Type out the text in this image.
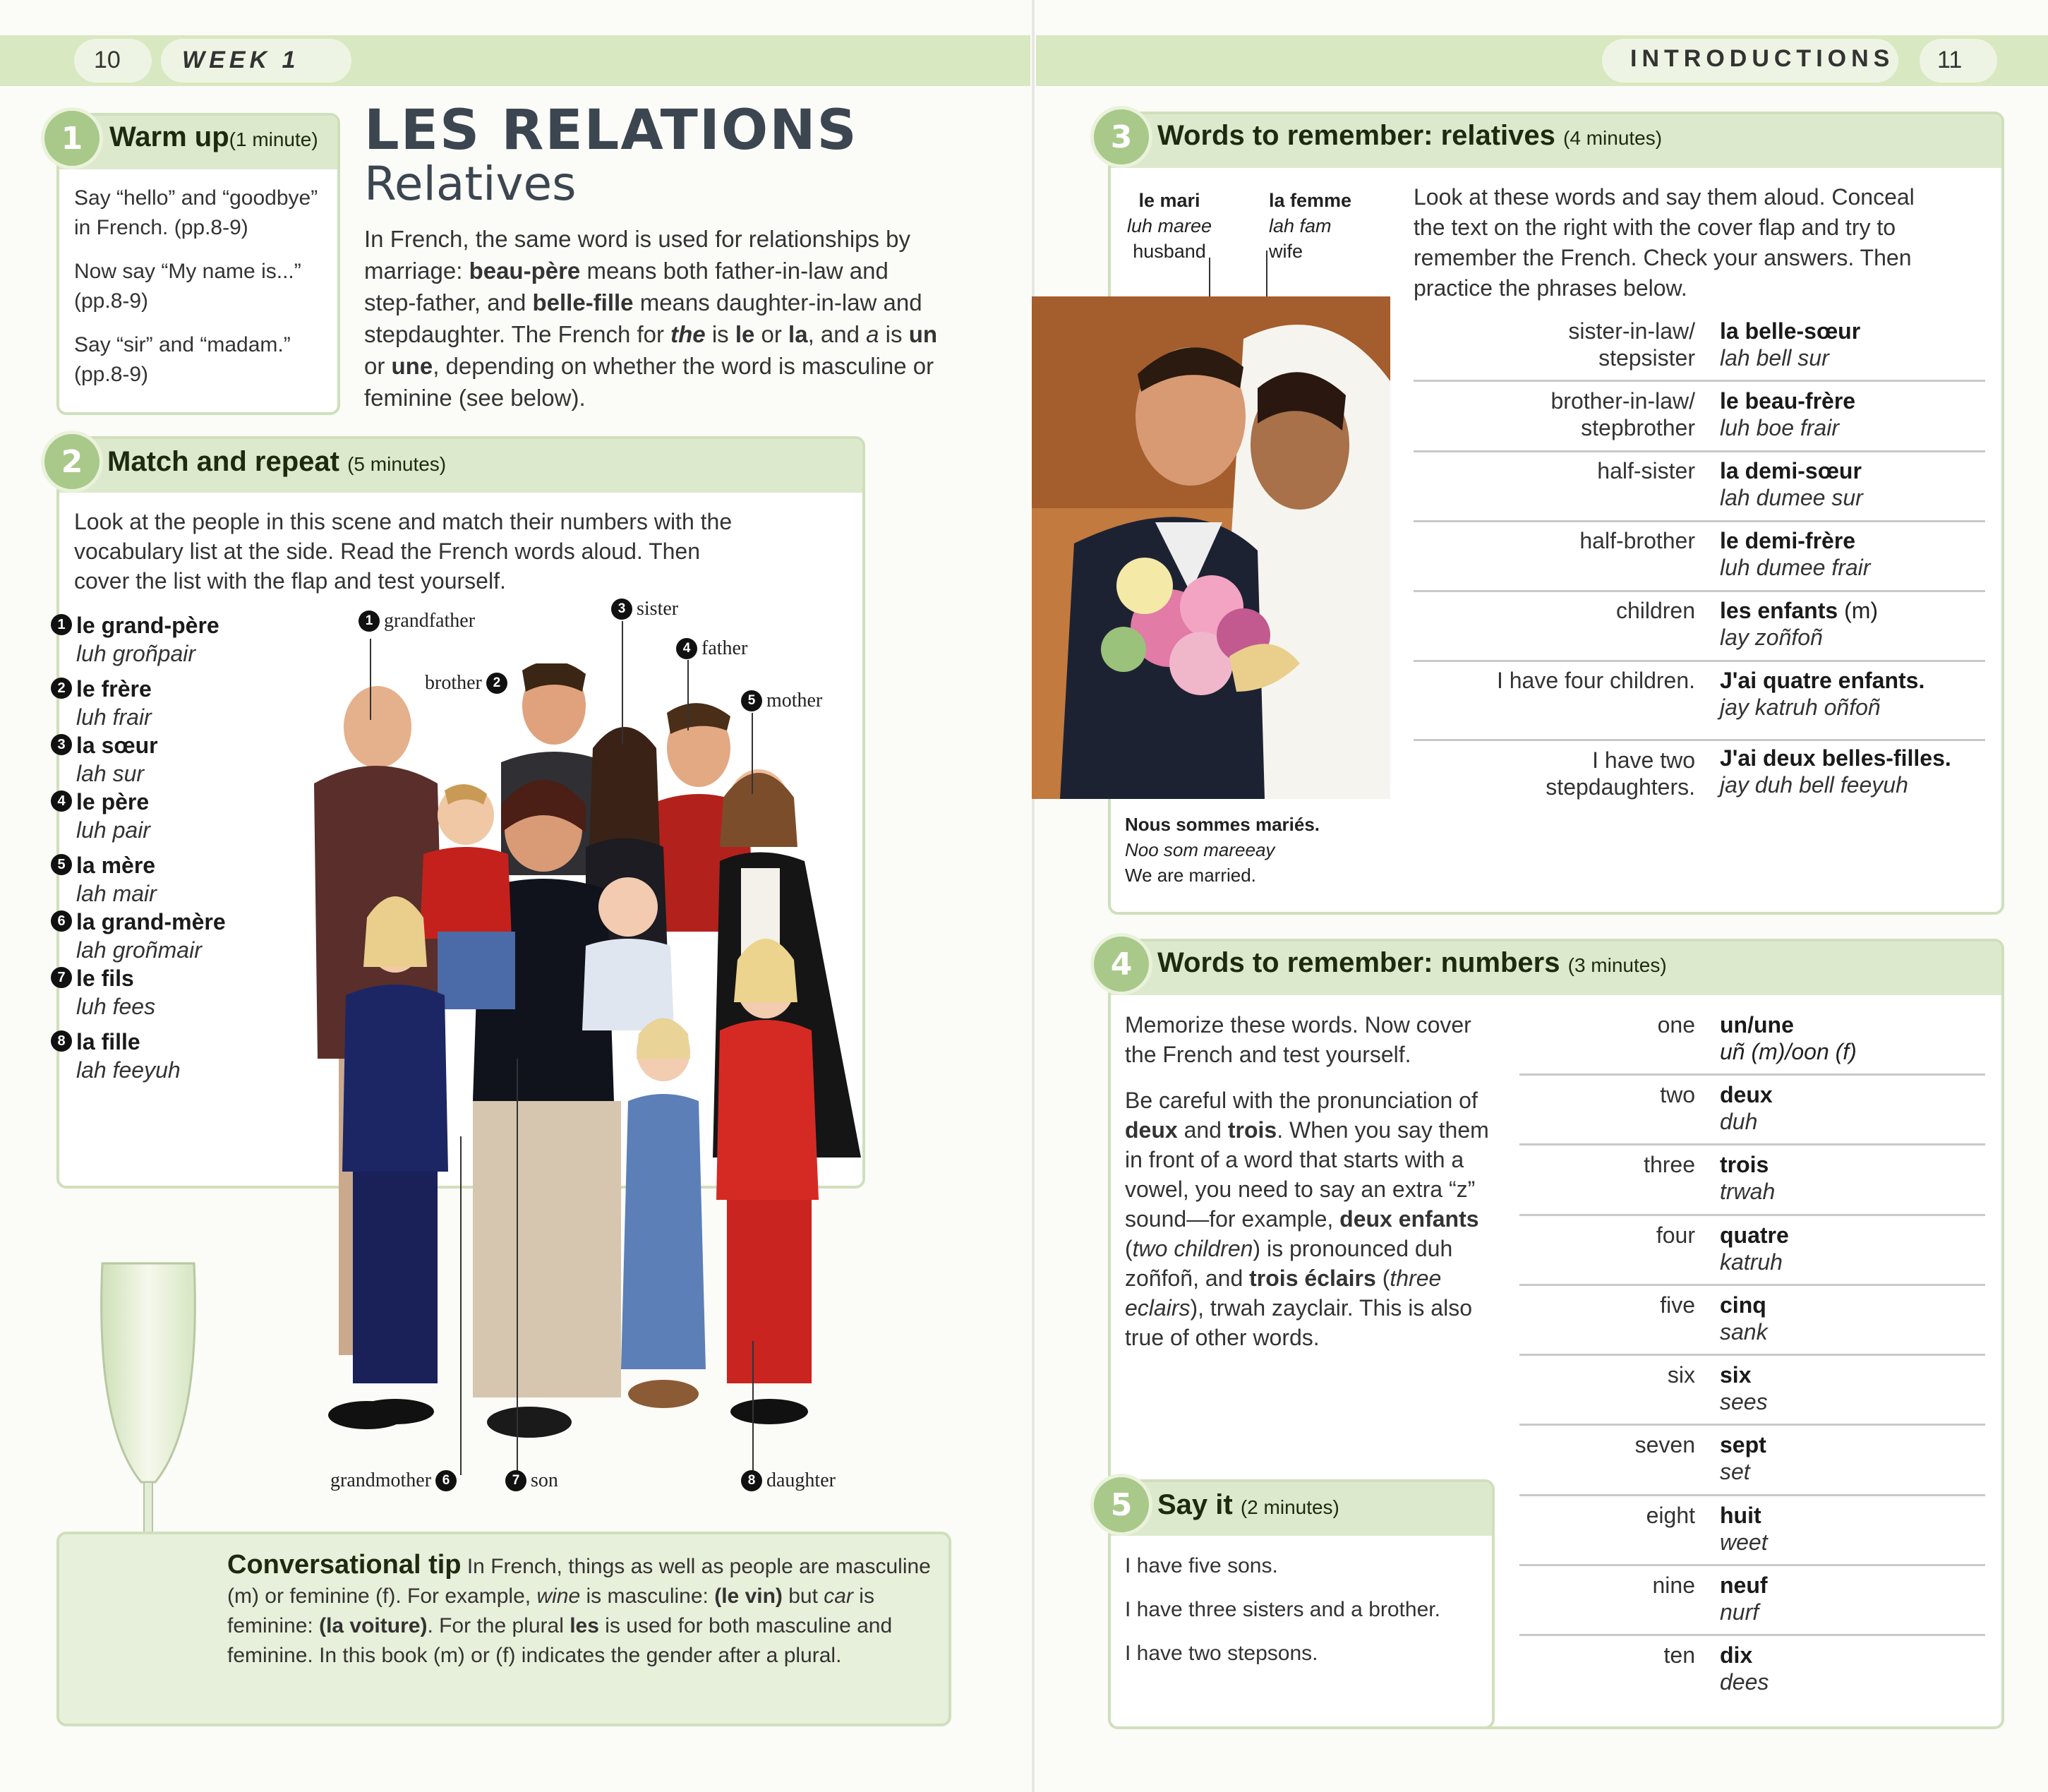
10	WEEK 1	INTRODUCTIONS 11
1 Warm up(1 minute)
Say “hello” and “goodbye” in French. (pp.8-9)
Now say “My name is...” (pp.8-9)
Say “sir” and “madam.” (pp.8-9)
LES RELATIONS
Relatives
In French, the same word is used for relationships by marriage: beau-père means both father-in-law and step-father, and belle-fille means daughter-in-law and stepdaughter. The French for the is le or la, and a is un or une, depending on whether the word is masculine or feminine (see below).
2 Match and repeat (5 minutes)
Look at the people in this scene and match their numbers with the vocabulary list at the side. Read the French words aloud. Then cover the list with the flap and test yourself.
1 le grand-père
luh groñpair
2 le frère
luh frair
3 la sœur
lah sur
4 le père
luh pair
5 la mère
lah mair
6 la grand-mère
lah groñmair
7 le fils
luh fees
8 la fille
lah feeyuh
1 grandfather
brother 2
3 sister
4 father
5 mother
grandmother 6	7 son	8 daughter
Conversational tip In French, things as well as people are masculine (m) or feminine (f). For example, wine is masculine: (le vin) but car is feminine: (la voiture). For the plural les is used for both masculine and feminine. In this book (m) or (f) indicates the gender after a plural.
3 Words to remember: relatives (4 minutes)
le mari
luh maree
husband
la femme
lah fam
wife
Nous sommes mariés.
Noo som mareeay
We are married.
Look at these words and say them aloud. Conceal the text on the right with the cover flap and try to remember the French. Check your answers. Then practice the phrases below.
sister-in-law/
stepsister
la belle-sœur
lah bell sur
brother-in-law/
stepbrother
le beau-frère
luh boe frair
half-sister la demi-sœur
lah dumee sur
half-brother le demi-frère
luh dumee frair
children les enfants (m)
lay zoñfoñ
I have four children. J'ai quatre enfants.
jay katruh oñfoñ
I have two
stepdaughters.
J'ai deux belles-filles.
jay duh bell feeyuh
4 Words to remember: numbers (3 minutes)
Memorize these words. Now cover the French and test yourself.
Be careful with the pronunciation of deux and trois. When you say them in front of a word that starts with a vowel, you need to say an extra “z” sound—for example, deux enfants (two children) is pronounced duh zoñfoñ, and trois éclairs (three eclairs), trwah zayclair. This is also true of other words.
one un/une
uñ (m)/oon (f)
two deux
duh
three trois
trwah
four quatre
katruh
five cinq
sank
six six
sees
seven sept
set
eight huit
weet
nine neuf
nurf
ten dix
dees
5 Say it (2 minutes)
I have five sons.
I have three sisters and a brother.
I have two stepsons.
